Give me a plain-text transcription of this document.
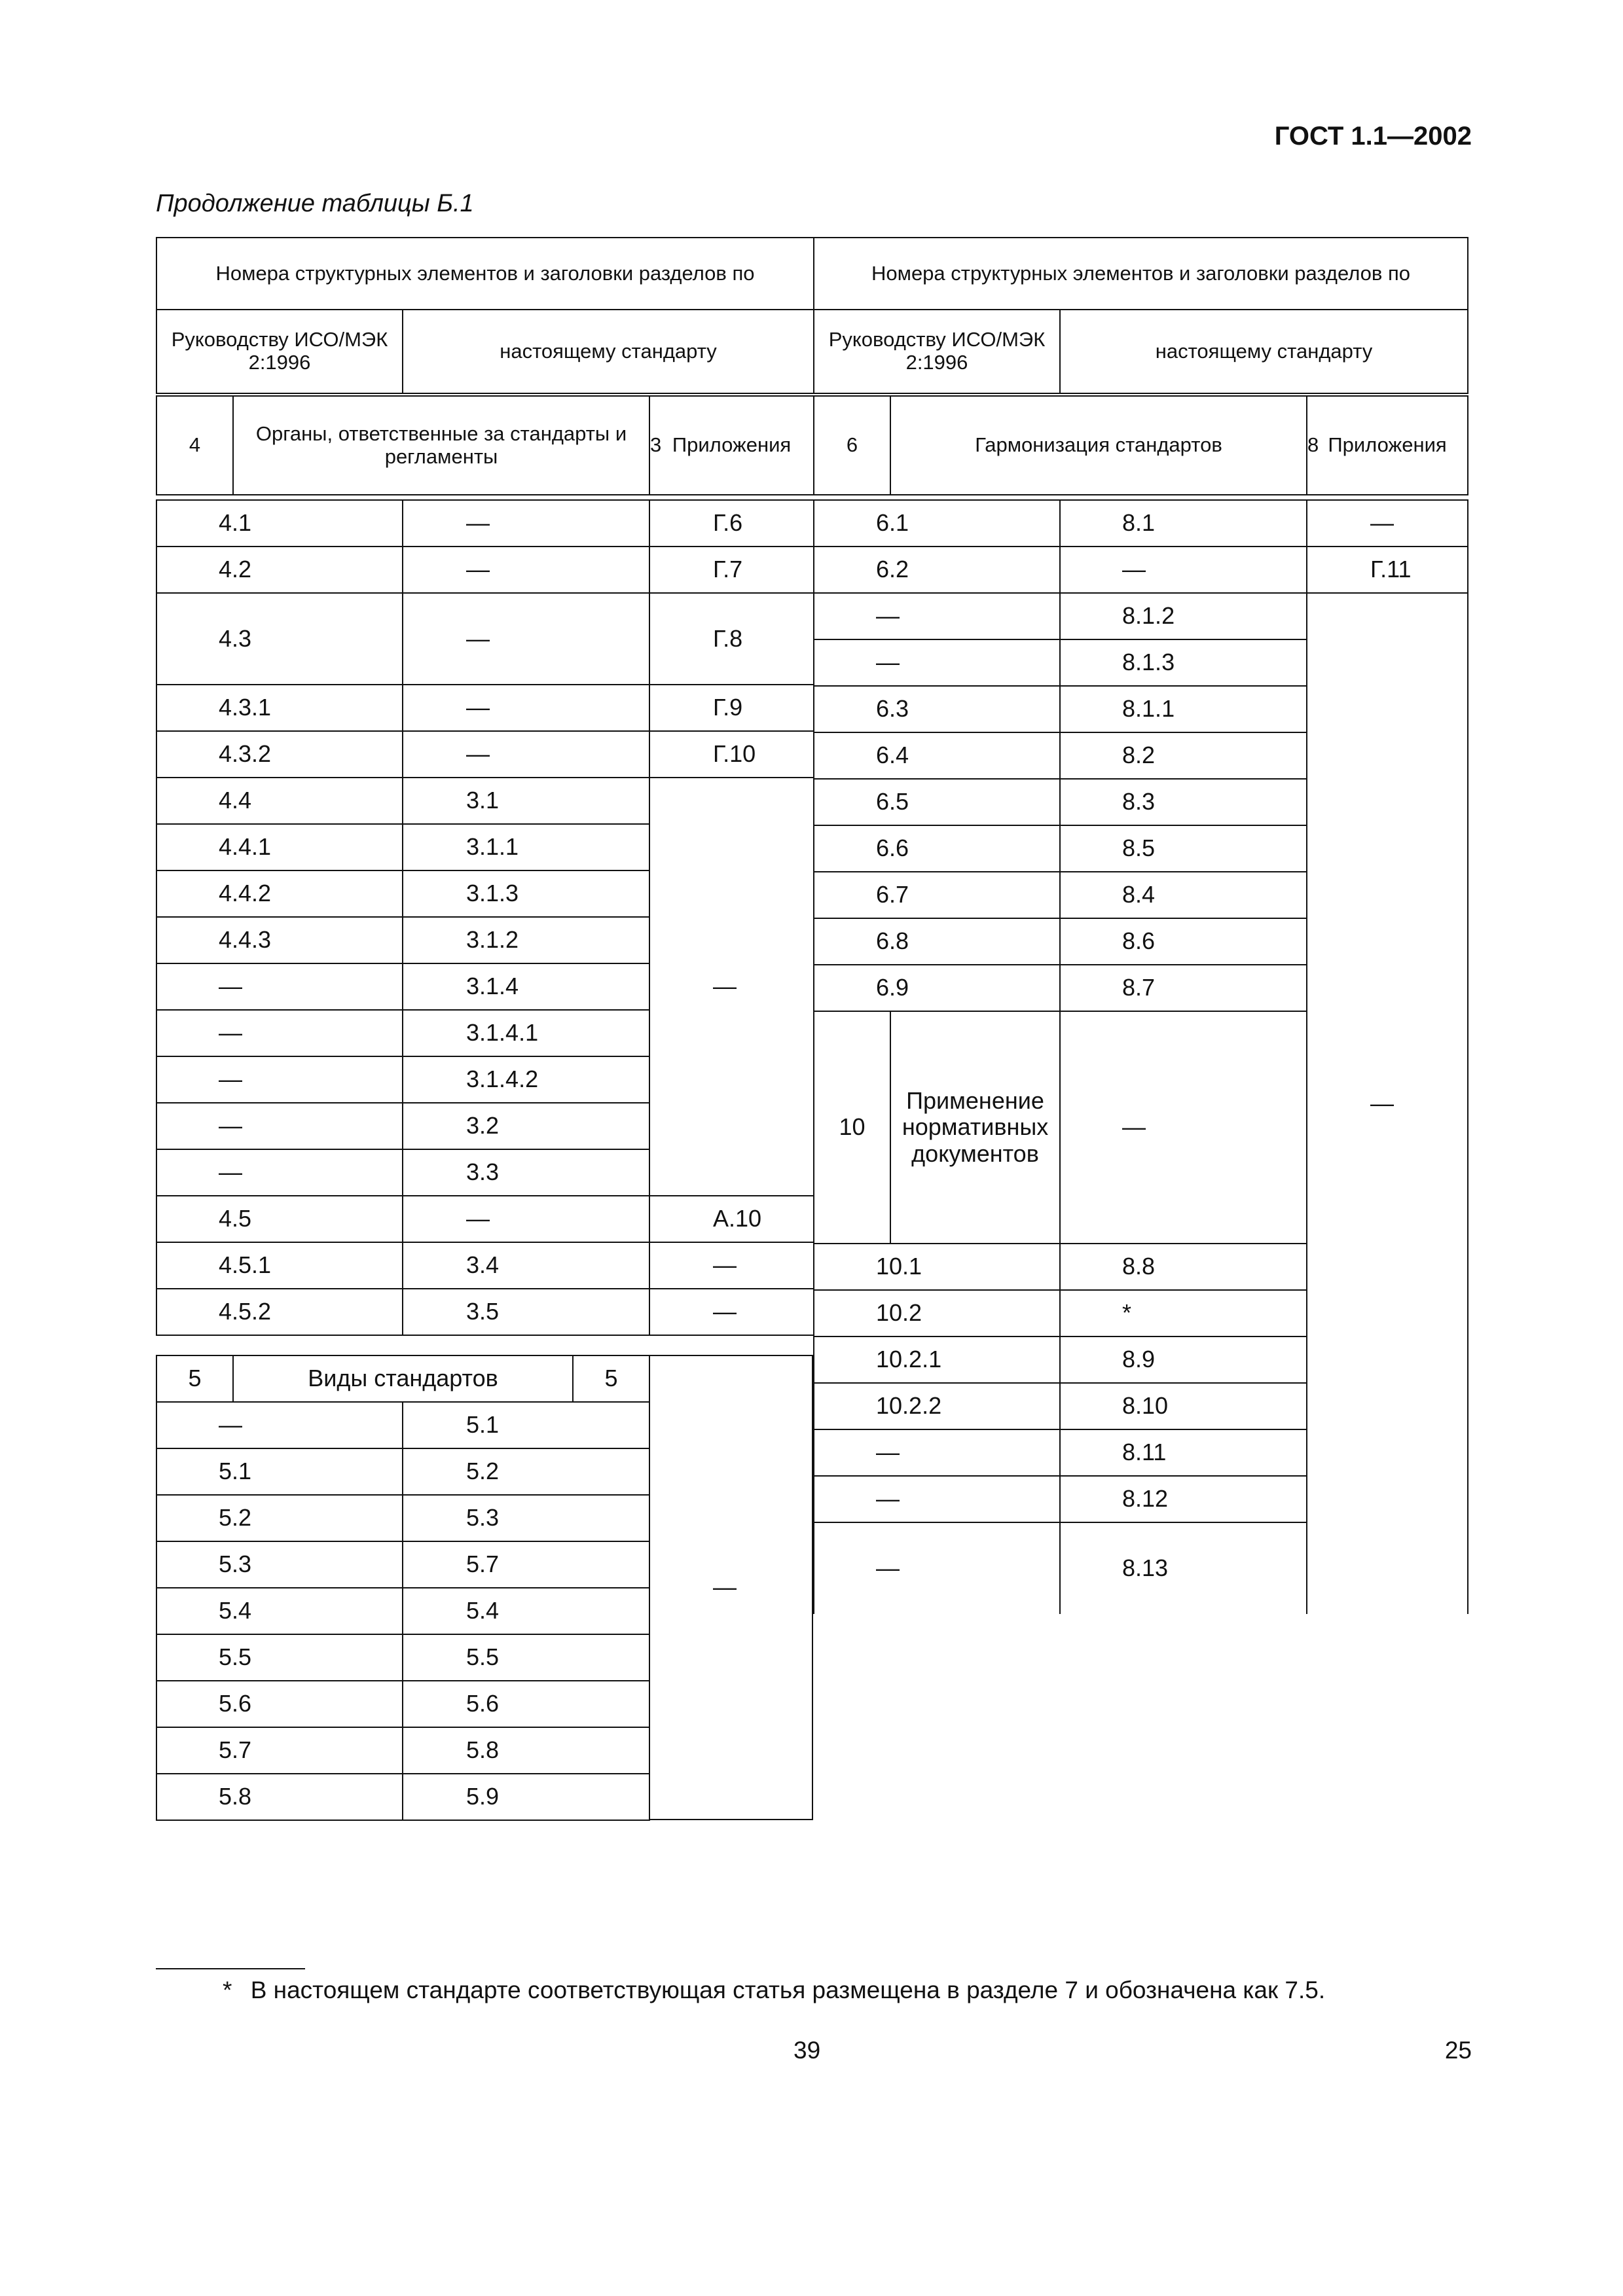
ГОСТ 1.1—2002
Продолжение таблицы Б.1
Номера структурных элементов и заголовки разделов по			
Руководству ИСО/МЭК 2:1996		настоящему стандарту	
4	Органы, ответственные за стандарты и регламенты		3	Приложения
4.1	—	Г.6
4.2	—	Г.7
4.3	—	Г.8
4.3.1	—	Г.9
4.3.2	—	Г.10
4.4	3.1	—
4.4.1	3.1.1	
4.4.2	3.1.3	
4.4.3	3.1.2	
—	3.1.4	
—	3.1.4.1	
—	3.1.4.2	
—	3.2	
—	3.3	
4.5	—	А.10
4.5.1	3.4	—
4.5.2	3.5	—
5	Виды стандартов	5
—
—	5.1
5.1	5.2
5.2	5.3
5.3	5.7
5.4	5.4
5.5	5.5
5.6	5.6
5.7	5.8
5.8	5.9
Номера структурных элементов и заголовки разделов по			
Руководству ИСО/МЭК 2:1996		настоящему стандарту	
6	Гармонизация стандартов		8	Приложения
6.1		8.1	—
6.2		—	Г.11
—		8.1.2	—
—		8.1.3	
6.3		8.1.1	
6.4		8.2	
6.5		8.3	
6.6		8.5	
6.7		8.4	
6.8		8.6	
6.9		8.7	
10	Применение нормативных документов	—	
10.1		8.8	
10.2		*	
10.2.1		8.9	
10.2.2		8.10	
—		8.11	
—		8.12	
—		8.13	
* В настоящем стандарте соответствующая статья размещена в разделе 7 и обозначена как 7.5.
39	25
